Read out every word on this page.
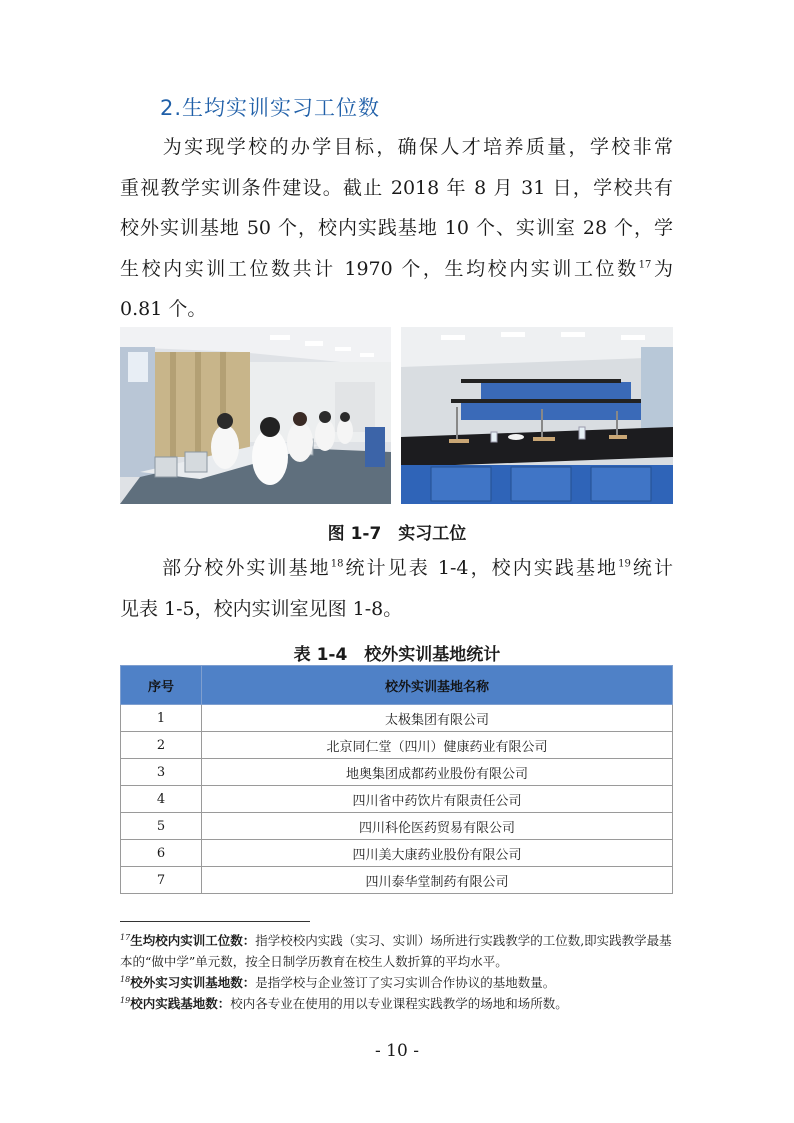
2.生均实训实习工位数
　　为实现学校的办学目标，确保人才培养质量，学校非常
重视教学实训条件建设。截止 2018 年 8 月 31 日，学校共有
校外实训基地 50 个，校内实践基地 10 个、实训室 28 个，学
生校内实训工位数共计 1970 个，生均校内实训工位数$^{17}$为
0.81 个。
图 1-7　实习工位
　　部分校外实训基地$^{18}$统计见表 1-4，校内实践基地$^{19}$统计
见表 1-5，校内实训室见图 1-8。
表 1-4　校外实训基地统计
序号	校外实训基地名称
1	太极集团有限公司
2	北京同仁堂（四川）健康药业有限公司
3	地奥集团成都药业股份有限公司
4	四川省中药饮片有限责任公司
5	四川科伦医药贸易有限公司
6	四川美大康药业股份有限公司
7	四川泰华堂制药有限公司

$^{17}$生均校内实训工位数：指学校校内实践（实习、实训）场所进行实践教学的工位数,即实践教学最基本的“做中学”单元数，按全日制学历教育在校生人数折算的平均水平。

$^{18}$校外实习实训基地数：是指学校与企业签订了实习实训合作协议的基地数量。

$^{19}$校内实践基地数：校内各专业在使用的用以专业课程实践教学的场地和场所数。

- 10 -
